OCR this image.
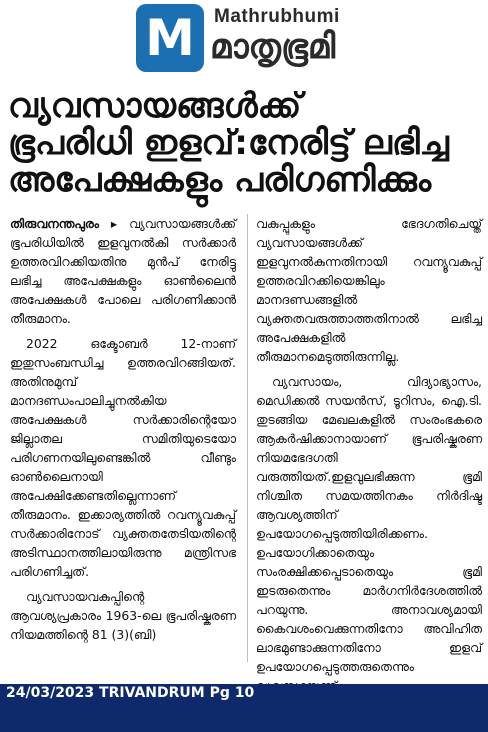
M Mathrubhumi
മാതൃഭൂമി
വ്യവസായങ്ങൾക്ക്
ഭൂപരിധി ഇളവ്:നേരിട്ട് ലഭിച്ച
അപേക്ഷകളും പരിഗണിക്കും

തിരുവനന്തപുരം ▸ വ്യവസായങ്ങൾക്ക് ഭൂപരിധിയിൽ ഇളവുനൽകി സർക്കാർ ഉത്തരവിറക്കിയതിനു മുൻപ് നേരിട്ടു ലഭിച്ച അപേക്ഷകളും ഓൺലൈൻ അപേക്ഷകൾ പോലെ പരിഗണിക്കാൻ തീരുമാനം.

2022 ഒക്ടോബർ 12-നാണ് ഇതുസംബന്ധിച്ച ഉത്തരവിറങ്ങിയത്. അതിനുമുമ്പ് മാനദണ്ഡംപാലിച്ചുനൽകിയ അപേക്ഷകൾ സർക്കാരിന്റെയോ ജില്ലാതല സമിതിയുടെയോ പരിഗണനയിലുണ്ടെങ്കിൽ വീണ്ടും ഓൺലൈനായി അപേക്ഷിക്കേണ്ടതില്ലെന്നാണ് തീരുമാനം. ഇക്കാര്യത്തിൽ റവന്യൂവകുപ്പ് സർക്കാരിനോട് വ്യക്തതതേടിയതിന്റെ അടിസ്ഥാനത്തിലായിരുന്നു മന്ത്രിസഭ പരിഗണിച്ചത്.

വ്യവസായവകുപ്പിന്റെ ആവശ്യപ്രകാരം 1963-ലെ ഭൂപരിഷ്കരണ നിയമത്തിന്റെ 81 (3)(ബി)

വകുപ്പുകളും ഭേദഗതിചെയ്ത് വ്യവസായങ്ങൾക്ക് ഇളവുനൽകുന്നതിനായി റവന്യൂവകുപ്പ് ഉത്തരവിറക്കിയെങ്കിലും മാനദണ്ഡങ്ങളിൽ വ്യക്തതവരുത്താത്തതിനാൽ ലഭിച്ച അപേക്ഷകളിൽ തീരുമാനമെടുത്തിരുന്നില്ല.

വ്യവസായം, വിദ്യാഭ്യാസം, മെഡിക്കൽ സയൻസ്, ടൂറിസം, ഐ.ടി. തുടങ്ങിയ മേഖലകളിൽ സംരംഭകരെ ആകർഷിക്കാനായാണ് ഭൂപരിഷ്കരണ നിയമഭേദഗതി വരുത്തിയത്.ഇളവുലഭിക്കുന്ന ഭൂമി നിശ്ചിത സമയത്തിനകം നിർദിഷ്ട ആവശ്യത്തിന് ഉപയോഗപ്പെടുത്തിയിരിക്കണം. ഉപയോഗിക്കാതെയും സംരക്ഷിക്കപ്പെടാതെയും ഭൂമി ഇടരുതെന്നും മാർഗനിർദേശത്തിൽ പറയുന്നു. അനാവശ്യമായി കൈവശംവെക്കുന്നതിനോ അവിഹിത ലാഭമുണ്ടാക്കുന്നതിനോ ഇളവ് ഉപയോഗപ്പെടുത്തരുതെന്നും

24/03/2023 TRIVANDRUM Pg 10
